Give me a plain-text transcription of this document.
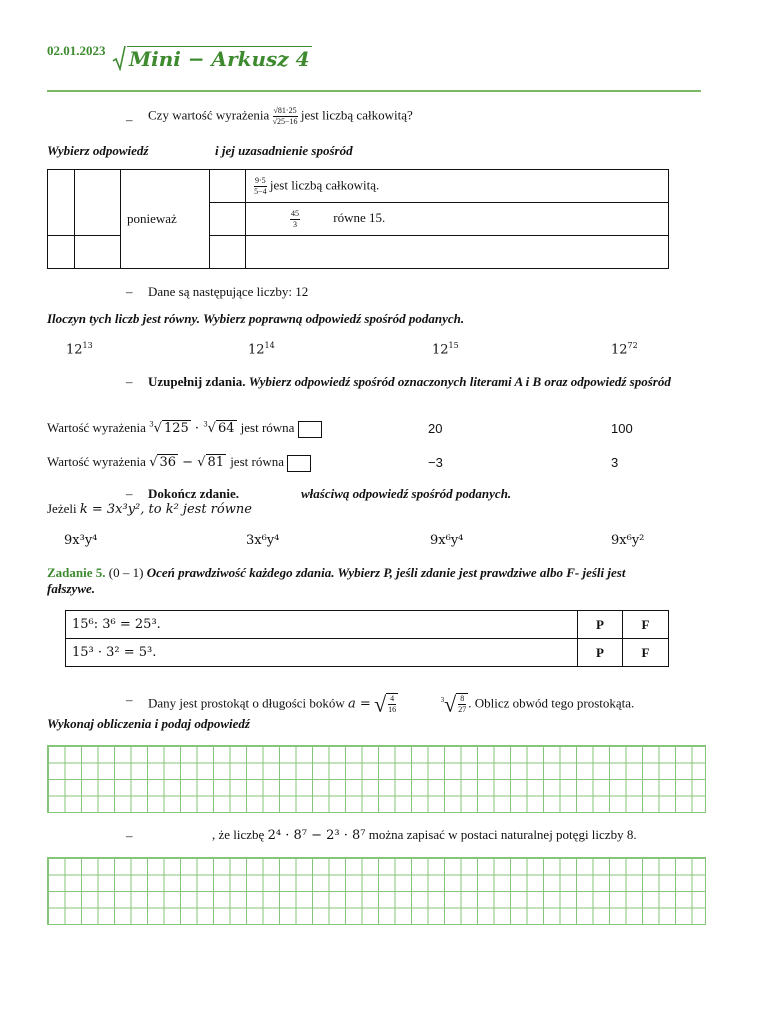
02.01.2023 Mini − Arkusz 4
– Czy wartość wyrażenia $\frac{√81\cdot 25}{√25-16}$ jest liczbą całkowitą?
Wybierz odpowiedź	i jej uzasadnienie spośród
		ponieważ		$\frac{9\cdot 5}{5-4}$ jest liczbą całkowitą.

				$\frac{45}{3}$ równe 15.

– Dane są następujące liczby: 12
Iloczyn tych liczb jest równy. Wybierz poprawną odpowiedź spośród podanych.
$12^{13}$	$12^{14}$	$12^{15}$	$12^{72}$
– Uzupełnij zdania. Wybierz odpowiedź spośród oznaczonych literami A i B oraz odpowiedź spośród
Wartość wyrażenia $^3$√ 125 · $^3$√ 64 jest równa	20	100
Wartość wyrażenia √ 36 − √ 81 jest równa	−3	3
– Dokończ zdanie.	właściwą odpowiedź spośród podanych.
Jeżeli k = 3x³y², to k² jest równe
9x³y⁴	3x⁶y⁴	9x⁶y⁴	9x⁶y²
Zadanie 5. (0 – 1) Oceń prawdziwość każdego zdania. Wybierz P, jeśli zdanie jest prawdziwe albo F- jeśli jest
fałszywe.
15⁶: 3⁶ = 25³.	P	F
15³ · 3² = 5³.	P	F
– Dany jest prostokąt o długości boków a = √ $\frac{4}{16}$	$^3√ \frac{8}{27}$ . Oblicz obwód tego prostokąta.
Wykonaj obliczenia i podaj odpowiedź
–	, że liczbę 2⁴ · 8⁷ − 2³ · 8⁷ można zapisać w postaci naturalnej potęgi liczby 8.
